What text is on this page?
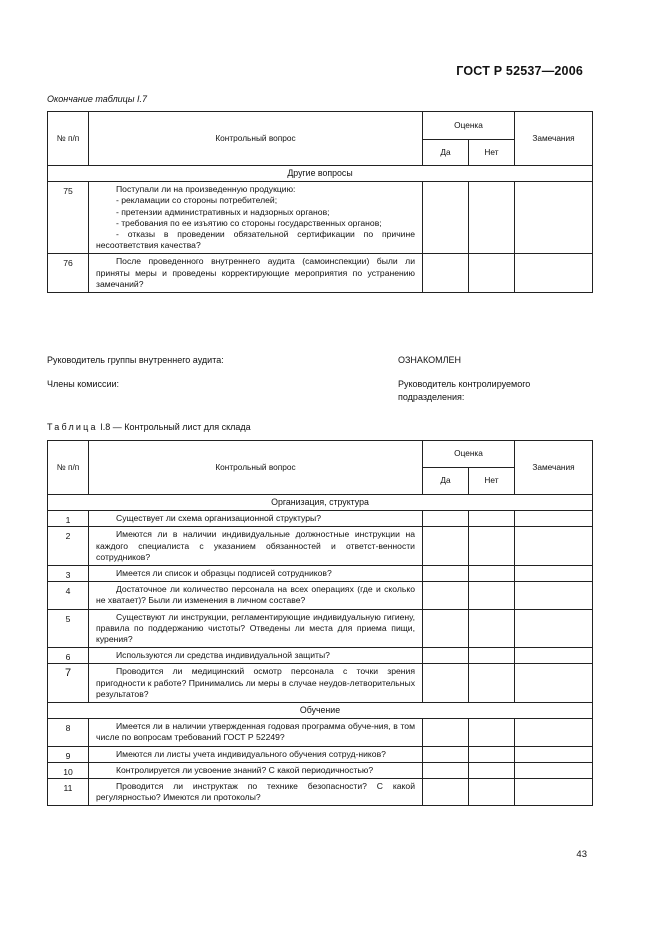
ГОСТ Р 52537—2006
Окончание таблицы I.7
№ п/п	Контрольный вопрос	Оценка		Замечания
		Да	Нет	
Другие вопросы				
75	Поступали ли на произведенную продукцию:
- рекламации со стороны потребителей;
- претензии административных и надзорных органов;
- требования по ее изъятию со стороны государственных органов;
- отказы в проведении обязательной сертификации по причине несоответствия качества?			

76	После проведенного внутреннего аудита (самоинспекции) были ли приняты меры и проведены корректирующие мероприятия по устранению замечаний?			
Руководитель группы внутреннего аудита:
Члены комиссии:
ОЗНАКОМЛЕН
Руководитель контролируемого
подразделения:
Таблица I.8 — Контрольный лист для склада
№ п/п	Контрольный вопрос	Оценка		Замечания
		Да	Нет	
Организация, структура				
1	Существует ли схема организационной структуры?			
2	Имеются ли в наличии индивидуальные должностные инструкции на каждого специалиста с указанием обязанностей и ответст-венности сотрудников?			
3	Имеется ли список и образцы подписей сотрудников?			
4	Достаточное ли количество персонала на всех операциях (где и сколько не хватает)? Были ли изменения в личном составе?			
5	Существуют ли инструкции, регламентирующие индивидуальную гигиену, правила по поддержанию чистоты? Отведены ли места для приема пищи, курения?			
6	Используются ли средства индивидуальной защиты?			
7	Проводится ли медицинский осмотр персонала с точки зрения пригодности к работе? Принимались ли меры в случае неудов-летворительных результатов?			
Обучение				
8	Имеется ли в наличии утвержденная годовая программа обуче-ния, в том числе по вопросам требований ГОСТ Р 52249?			
9	Имеются ли листы учета индивидуального обучения сотруд-ников?			
10	Контролируется ли усвоение знаний? С какой периодичностью?			
11	Проводится ли инструктаж по технике безопасности? С какой регулярностью? Имеются ли протоколы?			
43
